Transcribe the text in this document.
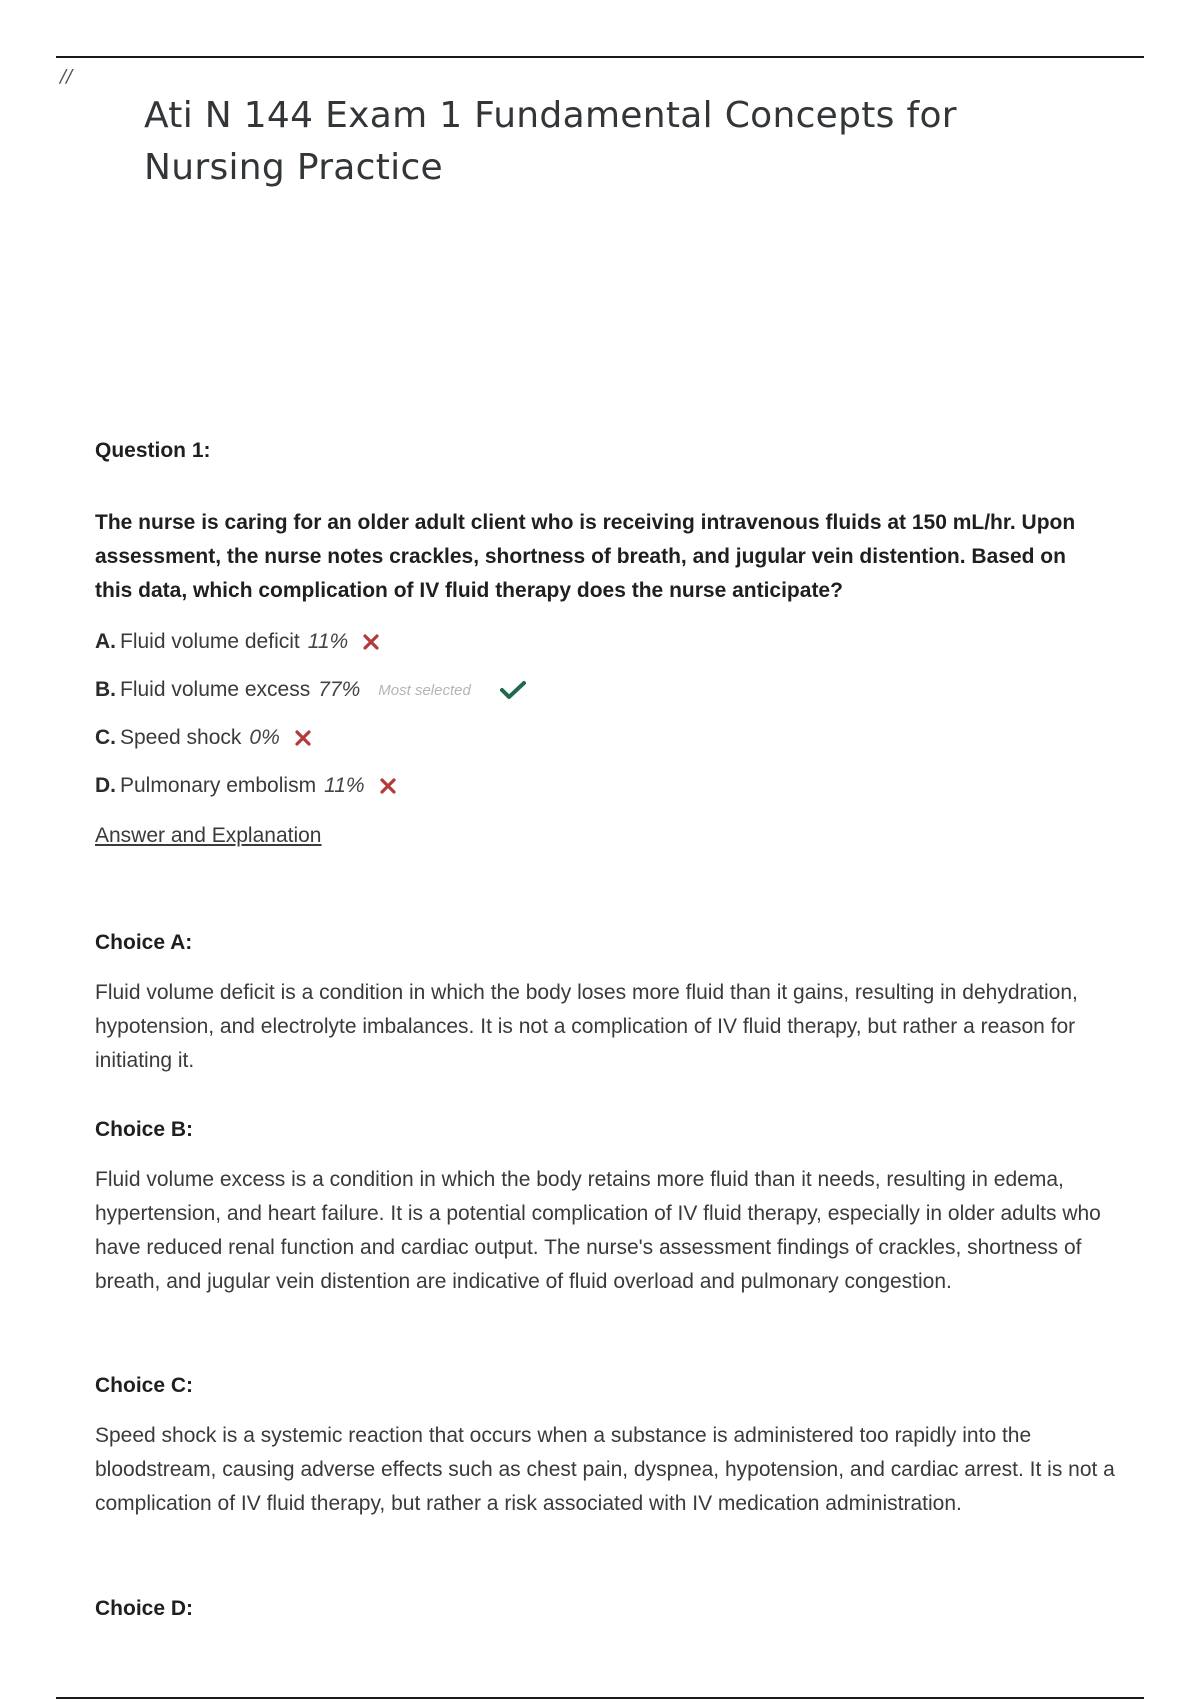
//
Ati N 144 Exam 1 Fundamental Concepts for Nursing Practice

Question 1:

The nurse is caring for an older adult client who is receiving intravenous fluids at 150 mL/hr. Upon assessment, the nurse notes crackles, shortness of breath, and jugular vein distention. Based on this data, which complication of IV fluid therapy does the nurse anticipate?

A. Fluid volume deficit 11%
B. Fluid volume excess 77% Most selected
C. Speed shock 0%
D. Pulmonary embolism 11%
Answer and Explanation

Choice A:

Fluid volume deficit is a condition in which the body loses more fluid than it gains, resulting in dehydration, hypotension, and electrolyte imbalances. It is not a complication of IV fluid therapy, but rather a reason for initiating it.

Choice B:

Fluid volume excess is a condition in which the body retains more fluid than it needs, resulting in edema, hypertension, and heart failure. It is a potential complication of IV fluid therapy, especially in older adults who have reduced renal function and cardiac output. The nurse's assessment findings of crackles, shortness of breath, and jugular vein distention are indicative of fluid overload and pulmonary congestion.

Choice C:

Speed shock is a systemic reaction that occurs when a substance is administered too rapidly into the bloodstream, causing adverse effects such as chest pain, dyspnea, hypotension, and cardiac arrest. It is not a complication of IV fluid therapy, but rather a risk associated with IV medication administration.

Choice D:
